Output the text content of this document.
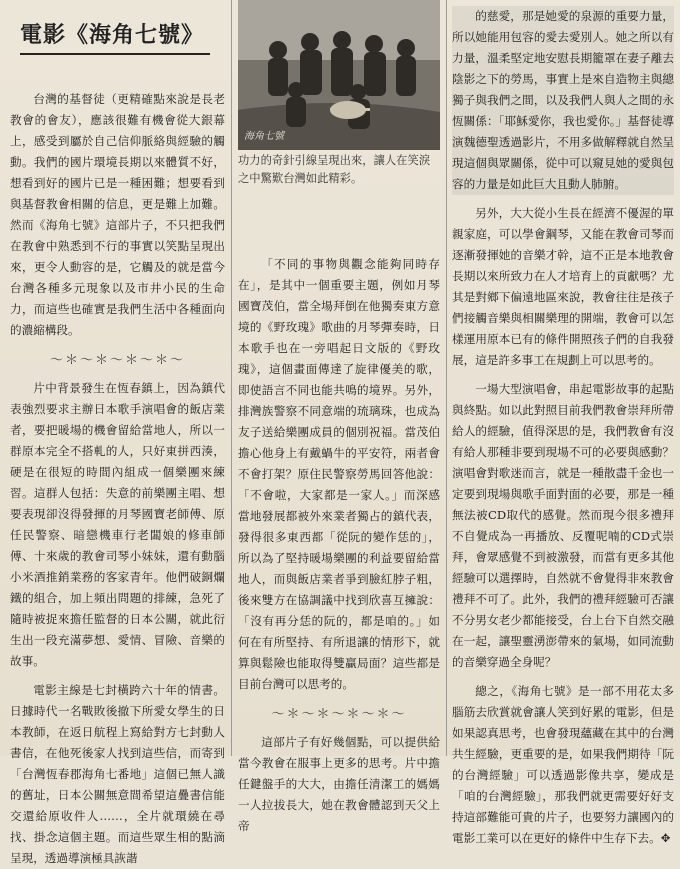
電影《海角七號》

台灣的基督徒（更精確點來說是長老教會的會友），應該很難有機會從大銀幕上，感受到屬於自己信仰脈絡與經驗的觸動。我們的國片環境長期以來體質不好，想看到好的國片已是一種困難；想要看到與基督教會相關的信息，更是難上加難。然而《海角七號》這部片子，不只把我們在教會中熟悉到不行的事實以笑點呈現出來，更令人動容的是，它觸及的就是當今台灣各種多元現象以及市井小民的生命力，而這些也確實是我們生活中各種面向的濃縮構段。

～＊～＊～＊～＊～

片中背景發生在恆春鎮上，因為鎮代表強烈要求主辦日本歌手演唱會的飯店業者，要把暖場的機會留給當地人，所以一群原本完全不搭軋的人，只好東拼西湊，硬是在很短的時間內組成一個樂團來練習。這群人包括：失意的前樂團主唱、想要表現卻沒得發揮的月琴國寶老師傅、原任民警察、暗戀機車行老闆娘的修車師傅、十來歲的教會司琴小妹妹，還有動腦小米酒推銷業務的客家青年。他們破銅爛鐵的組合，加上頻出問題的排練，急死了隨時被捉來擔任監督的日本公關，就此衍生出一段充滿夢想、愛情、冒險、音樂的故事。

電影主線是七封橫跨六十年的情書。日據時代一名戰敗後撤下所愛女學生的日本教師，在返日航程上寫給對方七封動人書信，在他死後家人找到這些信，而寄到「台灣恆春郡海角七番地」這個已無人識的舊址，日本公關無意間希望這疊書信能交還給原收件人……，全片就環繞在尋找、掛念這個主題。而這些眾生相的點滴呈現，透過導演極具詼諧

海角七號
功力的奇針引線呈現出來，讓人在笑淚之中驚歎台灣如此精彩。

「不同的事物與觀念能夠同時存在」，是其中一個重要主題，例如月琴國寶茂伯，當全場拜倒在他獨奏東方意境的《野玫瑰》歌曲的月琴彈奏時，日本歌手也在一旁唱起日文版的《野玫瑰》，這個畫面傳達了旋律優美的歌，即使語言不同也能共鳴的境界。另外，排灣族警察不同意端的琉璃珠，也成為友子送給樂團成員的個別祝福。當茂伯擔心他身上有戴蝸牛的平安符，兩者會不會打架？原住民警察勞馬回答他說：「不會啦，大家都是一家人。」而深感當地發展都被外來業者獨占的鎮代表，發得很多東西都「從阮的變作恁的」，所以為了堅持暖場樂團的利益要留給當地人，而與飯店業者爭到臉紅脖子粗，後來雙方在協調議中找到欣喜互擁說：「沒有再分恁的阮的，都是咱的。」如何在有所堅持、有所退讓的情形下，就算與鬆險也能取得雙贏局面？這些都是目前台灣可以思考的。

～＊～＊～＊～＊～

這部片子有好幾個點，可以提供給當今教會在服事上更多的思考。片中擔任鍵盤手的大大，由擔任清潔工的媽媽一人拉拔長大，她在教會體認到天父上帝

的慈愛，那是她愛的泉源的重要力量，所以她能用包容的愛去愛別人。她之所以有力量，溫柔堅定地安慰長期籠罩在妻子離去陰影之下的勞馬，事實上是來自造物主與總獨子與我們之間，以及我們人與人之間的永恆關係：「耶穌愛你，我也愛你。」基督徒導演魏德聖透過影片，不用多做解釋就自然呈現這個與眾關係，從中可以窺見她的愛與包容的力量是如此巨大且動人肺腑。

另外，大大從小生長在經濟不優渥的單親家庭，可以學會鋼琴，又能在教會司琴而逐漸發揮她的音樂才幹，這不正是本地教會長期以來所致力在人才培育上的貢獻嗎？尤其是對鄉下偏遠地區來說，教會往往是孩子們接觸音樂與相關樂理的開端，教會可以怎樣運用原本已有的條件開照孩子們的自我發展，這是許多事工在規劃上可以思考的。

一場大型演唱會，串起電影故事的起點與終點。如以此對照目前我們教會崇拜所帶給人的經驗，值得深思的是，我們教會有沒有給人那種非要到現場不可的必要與感動？演唱會對歌迷而言，就是一種散盡千金也一定要到現場與歌手面對面的必要，那是一種無法被CD取代的感覺。然而現今很多禮拜不自覺成為一再播放、反覆呢喃的CD式崇拜，會眾感覺不到被激發，而當有更多其他經驗可以選擇時，自然就不會覺得非來教會禮拜不可了。此外，我們的禮拜經驗可否讓不分男女老少都能接受，台上台下自然交融在一起，讓聖靈湧澎帶來的氣場，如同流動的音樂穿過全身呢？

總之，《海角七號》是一部不用花太多腦筋去欣賞就會讓人笑到好累的電影，但是如果認真思考，也會發現蘊藏在其中的台灣共生經驗，更重要的是，如果我們期待「阮的台灣經驗」可以透過影像共享，變成是「咱的台灣經驗」，那我們就更需要好好支持這部難能可貴的片子，也要努力讓國內的電影工業可以在更好的條件中生存下去。✥
